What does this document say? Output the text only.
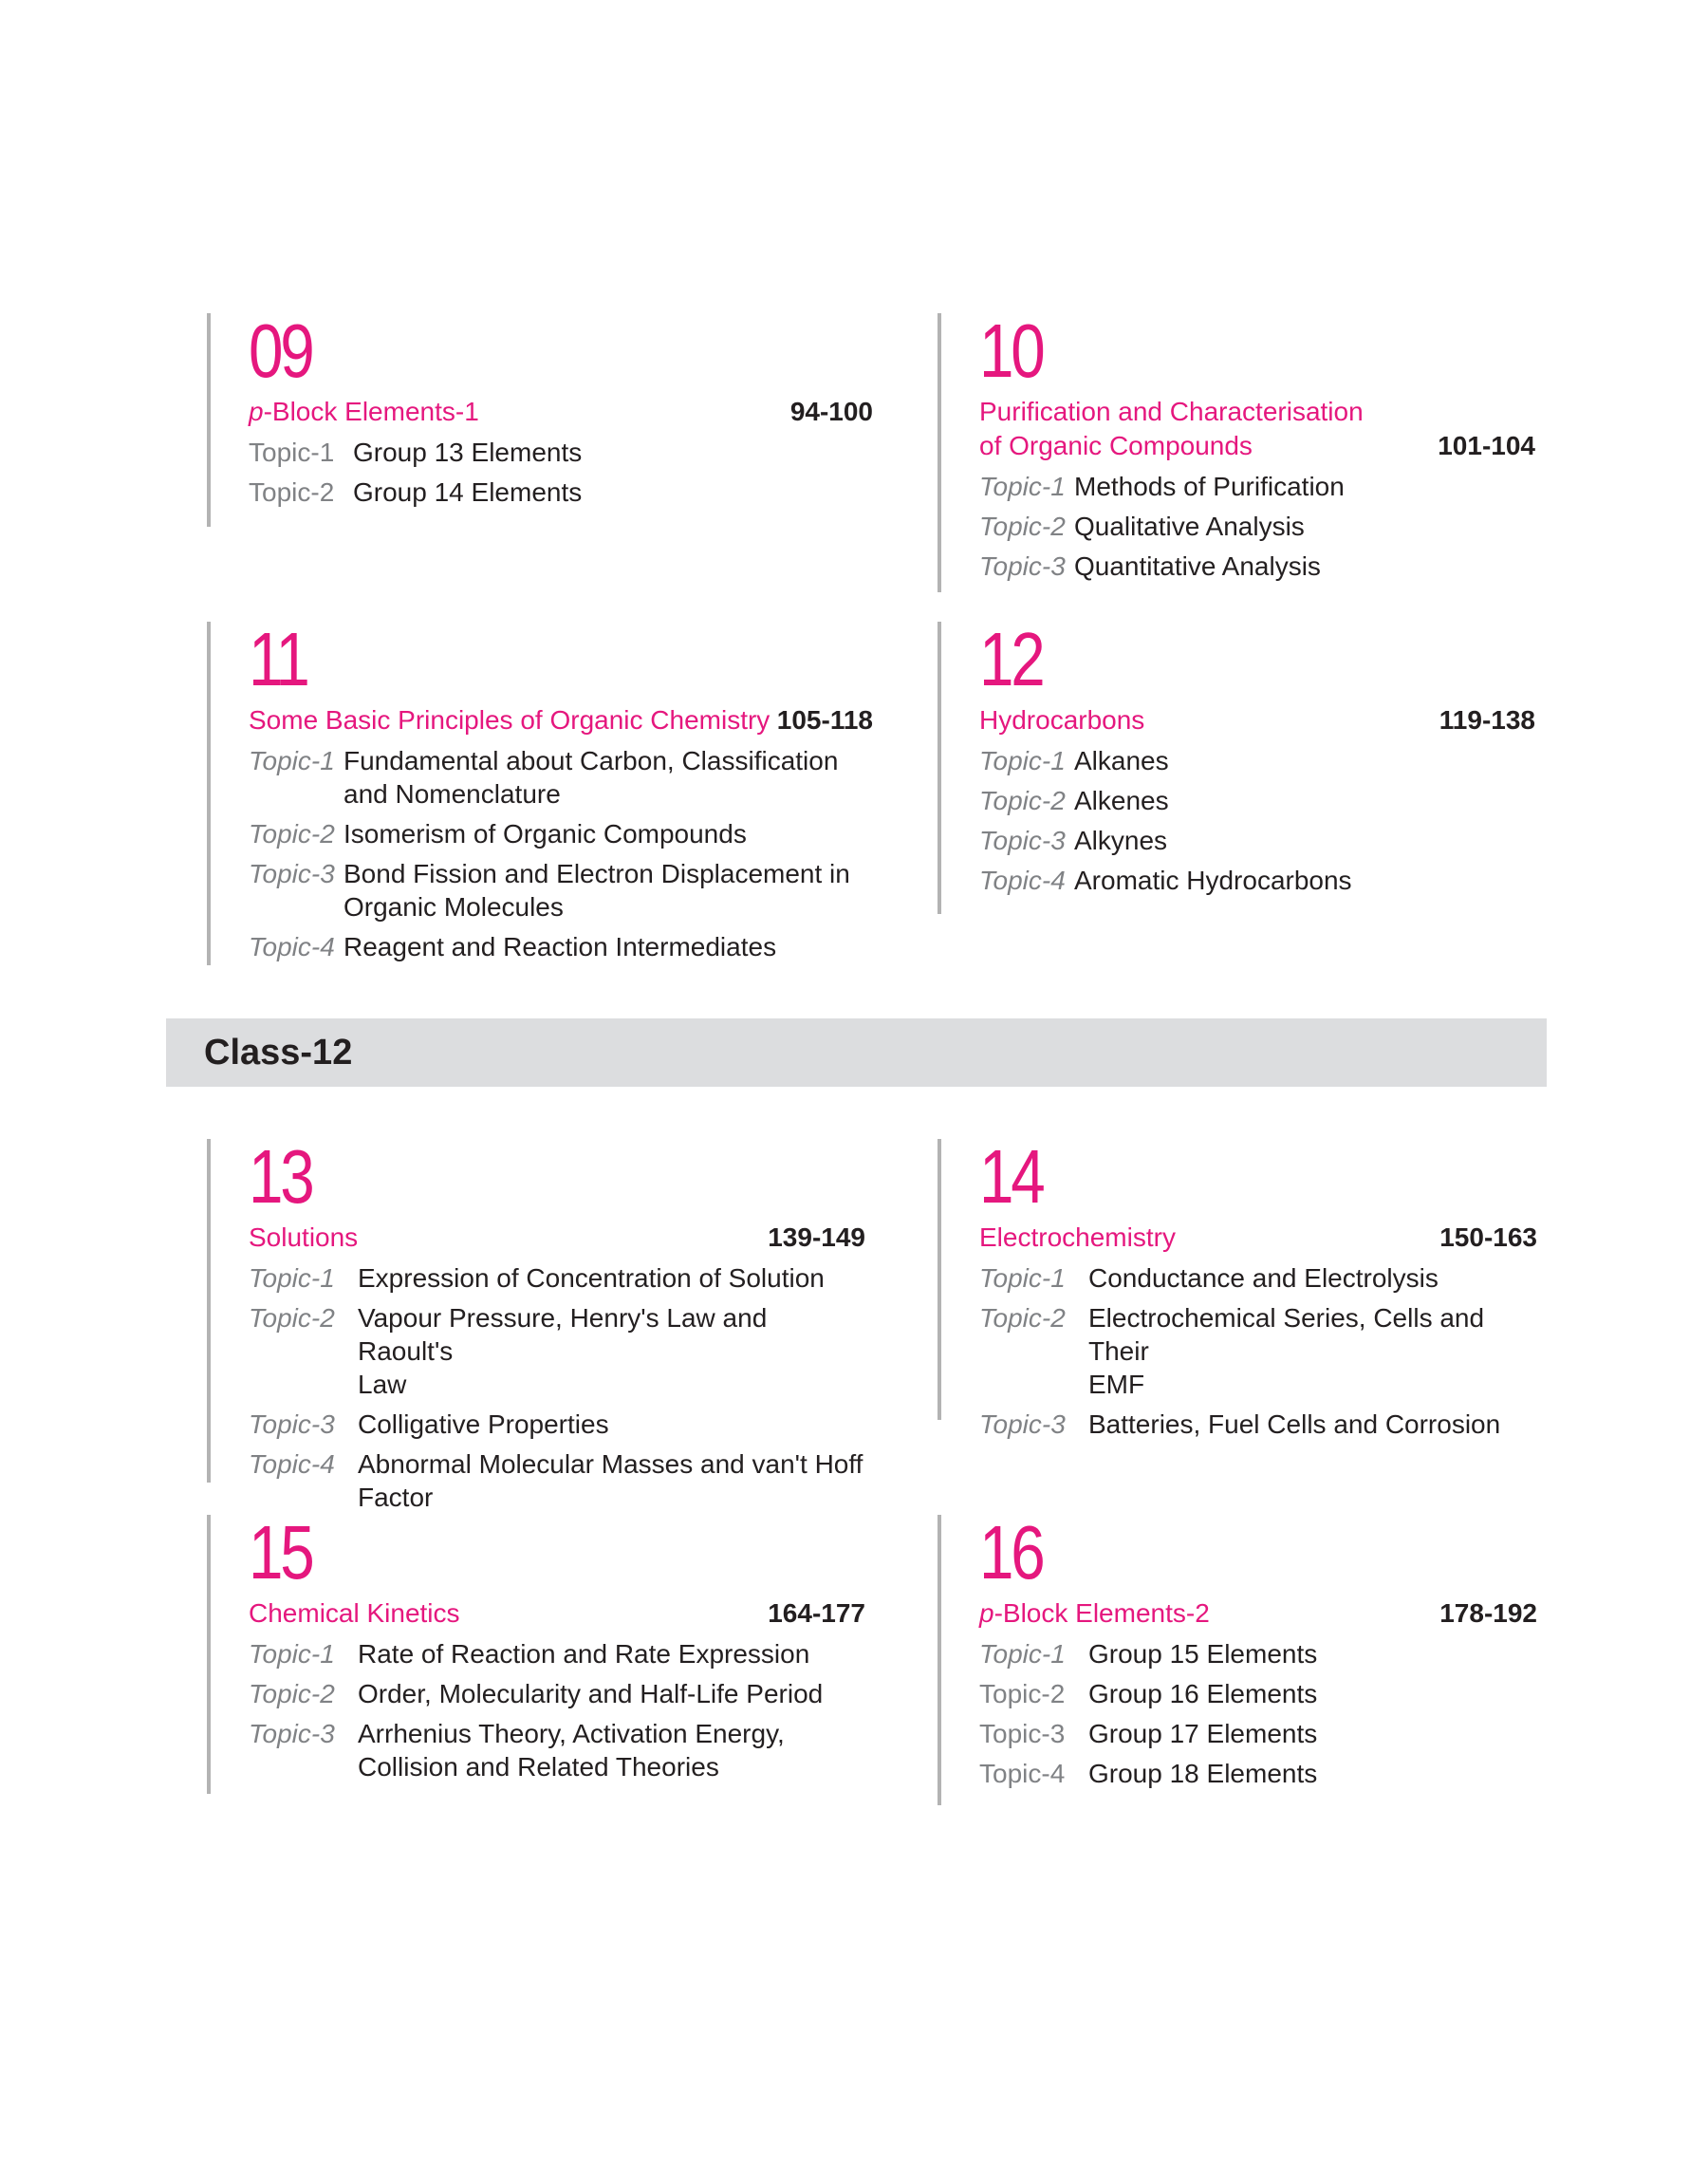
09
p-Block Elements-1	94-100
Topic-1 Group 13 Elements
Topic-2 Group 14 Elements
10
Purification and Characterisation
of Organic Compounds	101-104
Topic-1 Methods of Purification
Topic-2 Qualitative Analysis
Topic-3 Quantitative Analysis
11
Some Basic Principles of Organic Chemistry 105-118
Topic-1 Fundamental about Carbon, Classification
and Nomenclature
Topic-2 Isomerism of Organic Compounds
Topic-3 Bond Fission and Electron Displacement in
Organic Molecules
Topic-4 Reagent and Reaction Intermediates
12
Hydrocarbons	119-138
Topic-1 Alkanes
Topic-2 Alkenes
Topic-3 Alkynes
Topic-4 Aromatic Hydrocarbons
Class-12
13
Solutions	139-149
Topic-1 Expression of Concentration of Solution
Topic-2 Vapour Pressure, Henry's Law and Raoult's
Law
Topic-3 Colligative Properties
Topic-4 Abnormal Molecular Masses and van't Hoff
Factor
14
Electrochemistry	150-163
Topic-1 Conductance and Electrolysis
Topic-2 Electrochemical Series, Cells and Their
EMF
Topic-3 Batteries, Fuel Cells and Corrosion
15
Chemical Kinetics	164-177
Topic-1 Rate of Reaction and Rate Expression
Topic-2 Order, Molecularity and Half-Life Period
Topic-3 Arrhenius Theory, Activation Energy,
Collision and Related Theories
16
p-Block Elements-2	178-192
Topic-1 Group 15 Elements
Topic-2 Group 16 Elements
Topic-3 Group 17 Elements
Topic-4 Group 18 Elements
